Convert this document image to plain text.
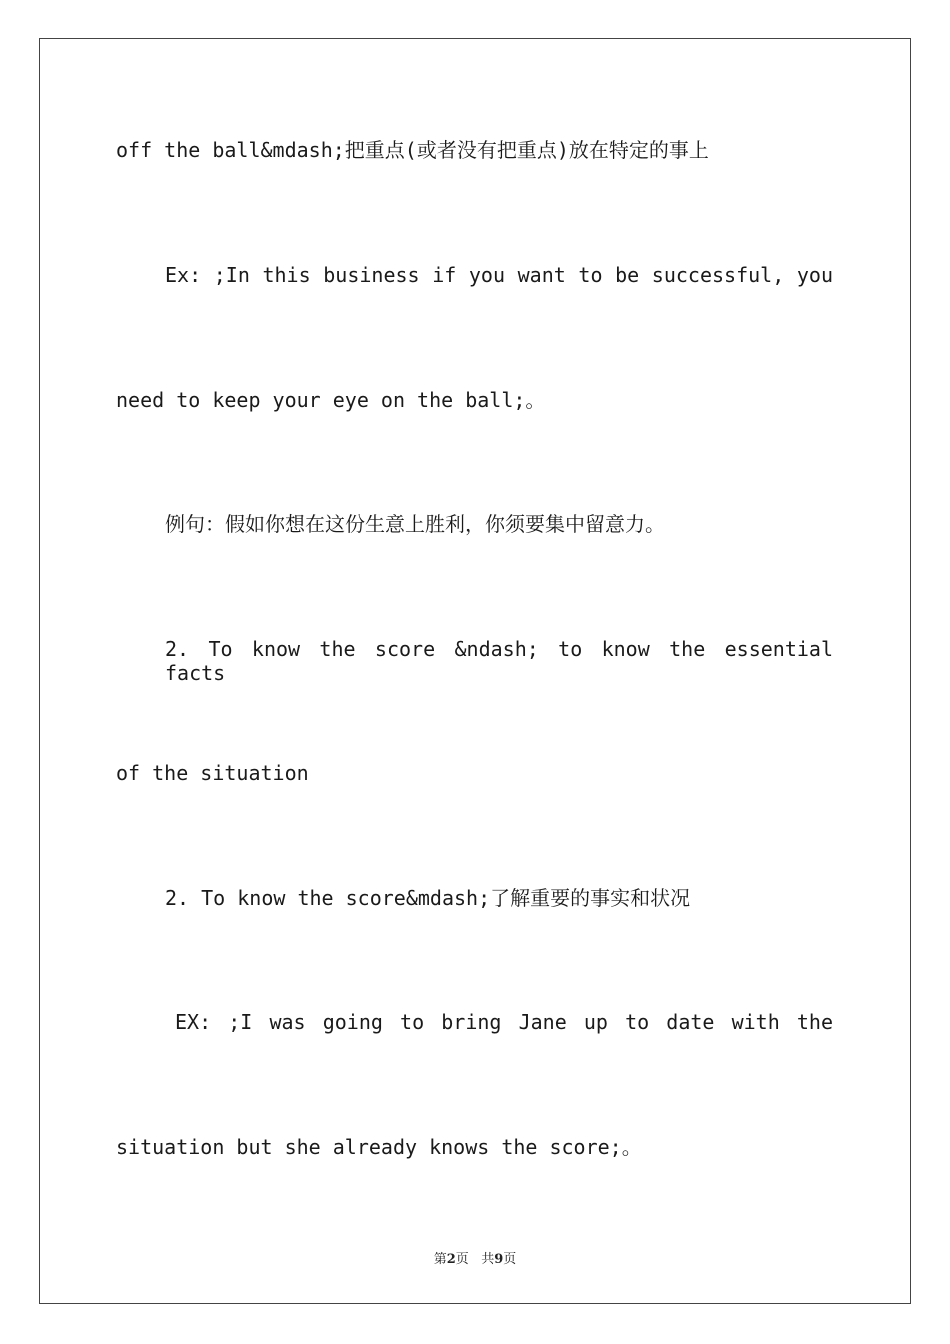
off the ball&mdash;把重点(或者没有把重点)放在特定的事上
Ex: ;In this business if you want to be successful, you
need to keep your eye on the ball;。
例句：假如你想在这份生意上胜利，你须要集中留意力。
2. To know the score &ndash; to know the essential facts
of the situation
2. To know the score&mdash;了解重要的事实和状况
EX: ;I was going to bring Jane up to date with the
situation but she already knows the score;。
第2页 共9页
